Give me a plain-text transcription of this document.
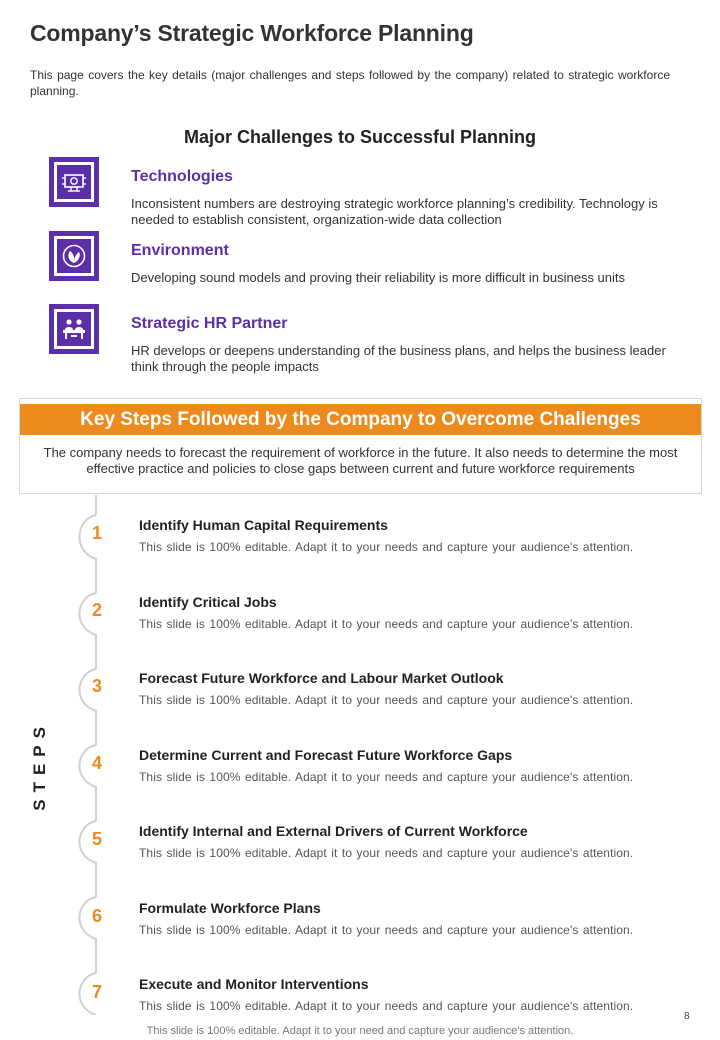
Company’s Strategic Workforce Planning
This page covers the key details (major challenges and steps followed by the company) related to strategic workforce planning.
Major Challenges to Successful Planning
Technologies
Inconsistent numbers are destroying strategic workforce planning’s credibility. Technology is needed to establish consistent, organization-wide data collection
Environment
Developing sound models and proving their reliability is more difficult in business units
Strategic HR Partner
HR develops or deepens understanding of the business plans, and helps the business leader think through the people impacts
Key Steps Followed by the Company to Overcome Challenges
The company needs to forecast the requirement of workforce in the future. It also needs to determine the most effective practice and policies to close gaps between current and future workforce requirements
STEPS
1	Identify Human Capital Requirements
This slide is 100% editable. Adapt it to your needs and capture your audience's attention.
2	Identify Critical Jobs
This slide is 100% editable. Adapt it to your needs and capture your audience's attention.
3	Forecast Future Workforce and Labour Market Outlook
This slide is 100% editable. Adapt it to your needs and capture your audience's attention.
4	Determine Current and Forecast Future Workforce Gaps
This slide is 100% editable. Adapt it to your needs and capture your audience's attention.
5	Identify Internal and External Drivers of Current Workforce
This slide is 100% editable. Adapt it to your needs and capture your audience's attention.
6	Formulate Workforce Plans
This slide is 100% editable. Adapt it to your needs and capture your audience's attention.
7	Execute and Monitor Interventions
This slide is 100% editable. Adapt it to your needs and capture your audience's attention.
8
This slide is 100% editable. Adapt it to your need and capture your audience’s attention.
